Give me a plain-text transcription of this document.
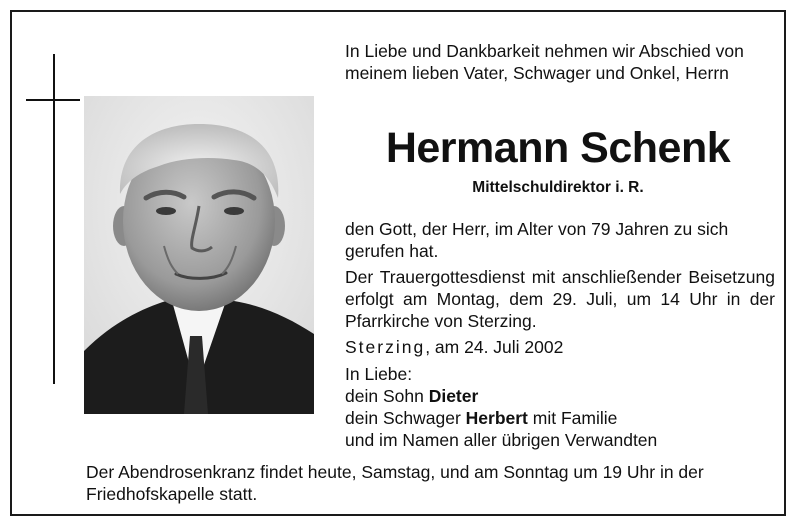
In Liebe und Dankbarkeit nehmen wir Abschied von meinem lieben Vater, Schwager und Onkel, Herrn
Hermann Schenk
Mittelschuldirektor i. R.

den Gott, der Herr, im Alter von 79 Jahren zu sich gerufen hat.

Der Trauergottesdienst mit anschließender Beisetzung erfolgt am Montag, dem 29. Juli, um 14 Uhr in der Pfarrkirche von Sterzing.

Sterzing, am 24. Juli 2002

In Liebe:
dein Sohn Dieter
dein Schwager Herbert mit Familie
und im Namen aller übrigen Verwandten
Der Abendrosenkranz findet heute, Samstag, und am Sonntag um 19 Uhr in der Friedhofskapelle statt.
